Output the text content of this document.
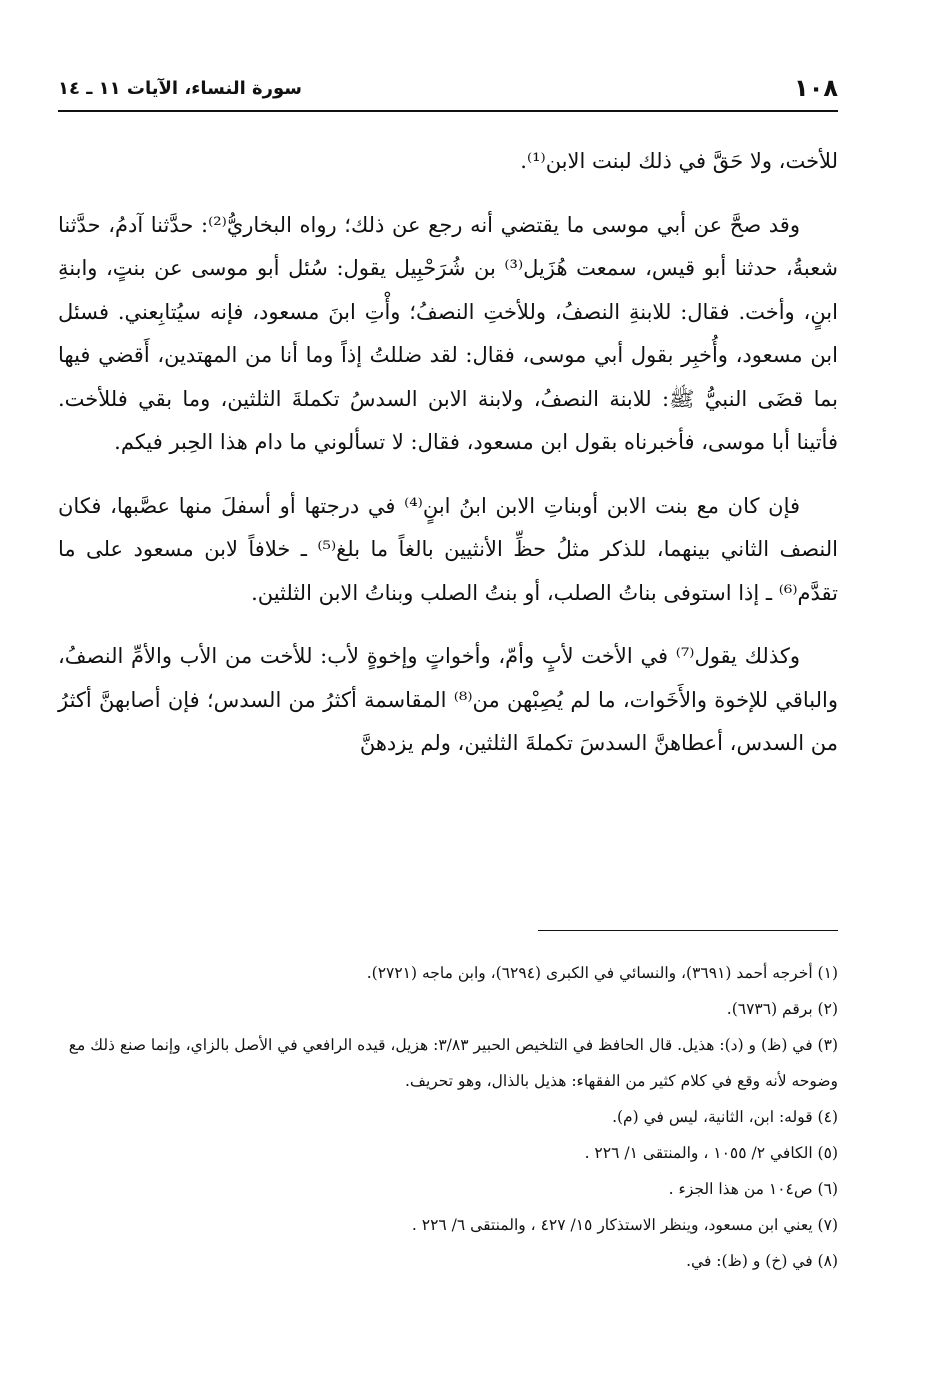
١٠٨
سورة النساء، الآيات ١١ ـ ١٤

للأخت، ولا حَقَّ في ذلك لبنت الابن⁽¹⁾.

وقد صحَّ عن أبي موسى ما يقتضي أنه رجع عن ذلك؛ رواه البخاريُّ⁽²⁾: حدَّثنا آدمُ، حدَّثنا شعبةُ، حدثنا أبو قيس، سمعت هُزَيل⁽³⁾ بن شُرَحْبِيل يقول: سُئل أبو موسى عن بنتٍ، وابنةِ ابنٍ، وأخت. فقال: للابنةِ النصفُ، وللأختِ النصفُ؛ وأْتِ ابنَ مسعود، فإنه سيُتابِعني. فسئل ابن مسعود، وأُخبِر بقول أبي موسى، فقال: لقد ضللتُ إذاً وما أنا من المهتدين، أَقضي فيها بما قضَى النبيُّ ﷺ: للابنة النصفُ، ولابنة الابن السدسُ تكملةَ الثلثين، وما بقي فللأخت. فأتينا أبا موسى، فأخبرناه بقول ابن مسعود، فقال: لا تسألوني ما دام هذا الحِبر فيكم.

فإن كان مع بنت الابن أوبناتِ الابن ابنُ ابنٍ⁽⁴⁾ في درجتها أو أسفلَ منها عصَّبها، فكان النصف الثاني بينهما، للذكر مثلُ حظِّ الأنثيين بالغاً ما بلغ⁽⁵⁾ ـ خلافاً لابن مسعود على ما تقدَّم⁽⁶⁾ ـ إذا استوفى بناتُ الصلب، أو بنتُ الصلب وبناتُ الابن الثلثين.

وكذلك يقول⁽⁷⁾ في الأخت لأبٍ وأمّ، وأخواتٍ وإخوةٍ لأب: للأخت من الأب والأمِّ النصفُ، والباقي للإخوة والأَخَوات، ما لم يُصِبْهن من⁽⁸⁾ المقاسمة أكثرُ من السدس؛ فإن أصابهنَّ أكثرُ من السدس، أعطاهنَّ السدسَ تكملةَ الثلثين، ولم يزدهنَّ

(١) أخرجه أحمد (٣٦٩١)، والنسائي في الكبرى (٦٢٩٤)، وابن ماجه (٢٧٢١).

(٢) برقم (٦٧٣٦).

(٣) في (ظ) و (د): هذيل. قال الحافظ في التلخيص الحبير ٣/٨٣: هزيل، قيده الرافعي في الأصل بالزاي، وإنما صنع ذلك مع وضوحه لأنه وقع في كلام كثير من الفقهاء: هذيل بالذال، وهو تحريف.

(٤) قوله: ابن، الثانية، ليس في (م).

(٥) الكافي ٢/ ١٠٥٥ ، والمنتقى ١/ ٢٢٦ .

(٦) ص١٠٤ من هذا الجزء .

(٧) يعني ابن مسعود، وينظر الاستذكار ١٥/ ٤٢٧ ، والمنتقى ٦/ ٢٢٦ .

(٨) في (خ) و (ظ): في.
